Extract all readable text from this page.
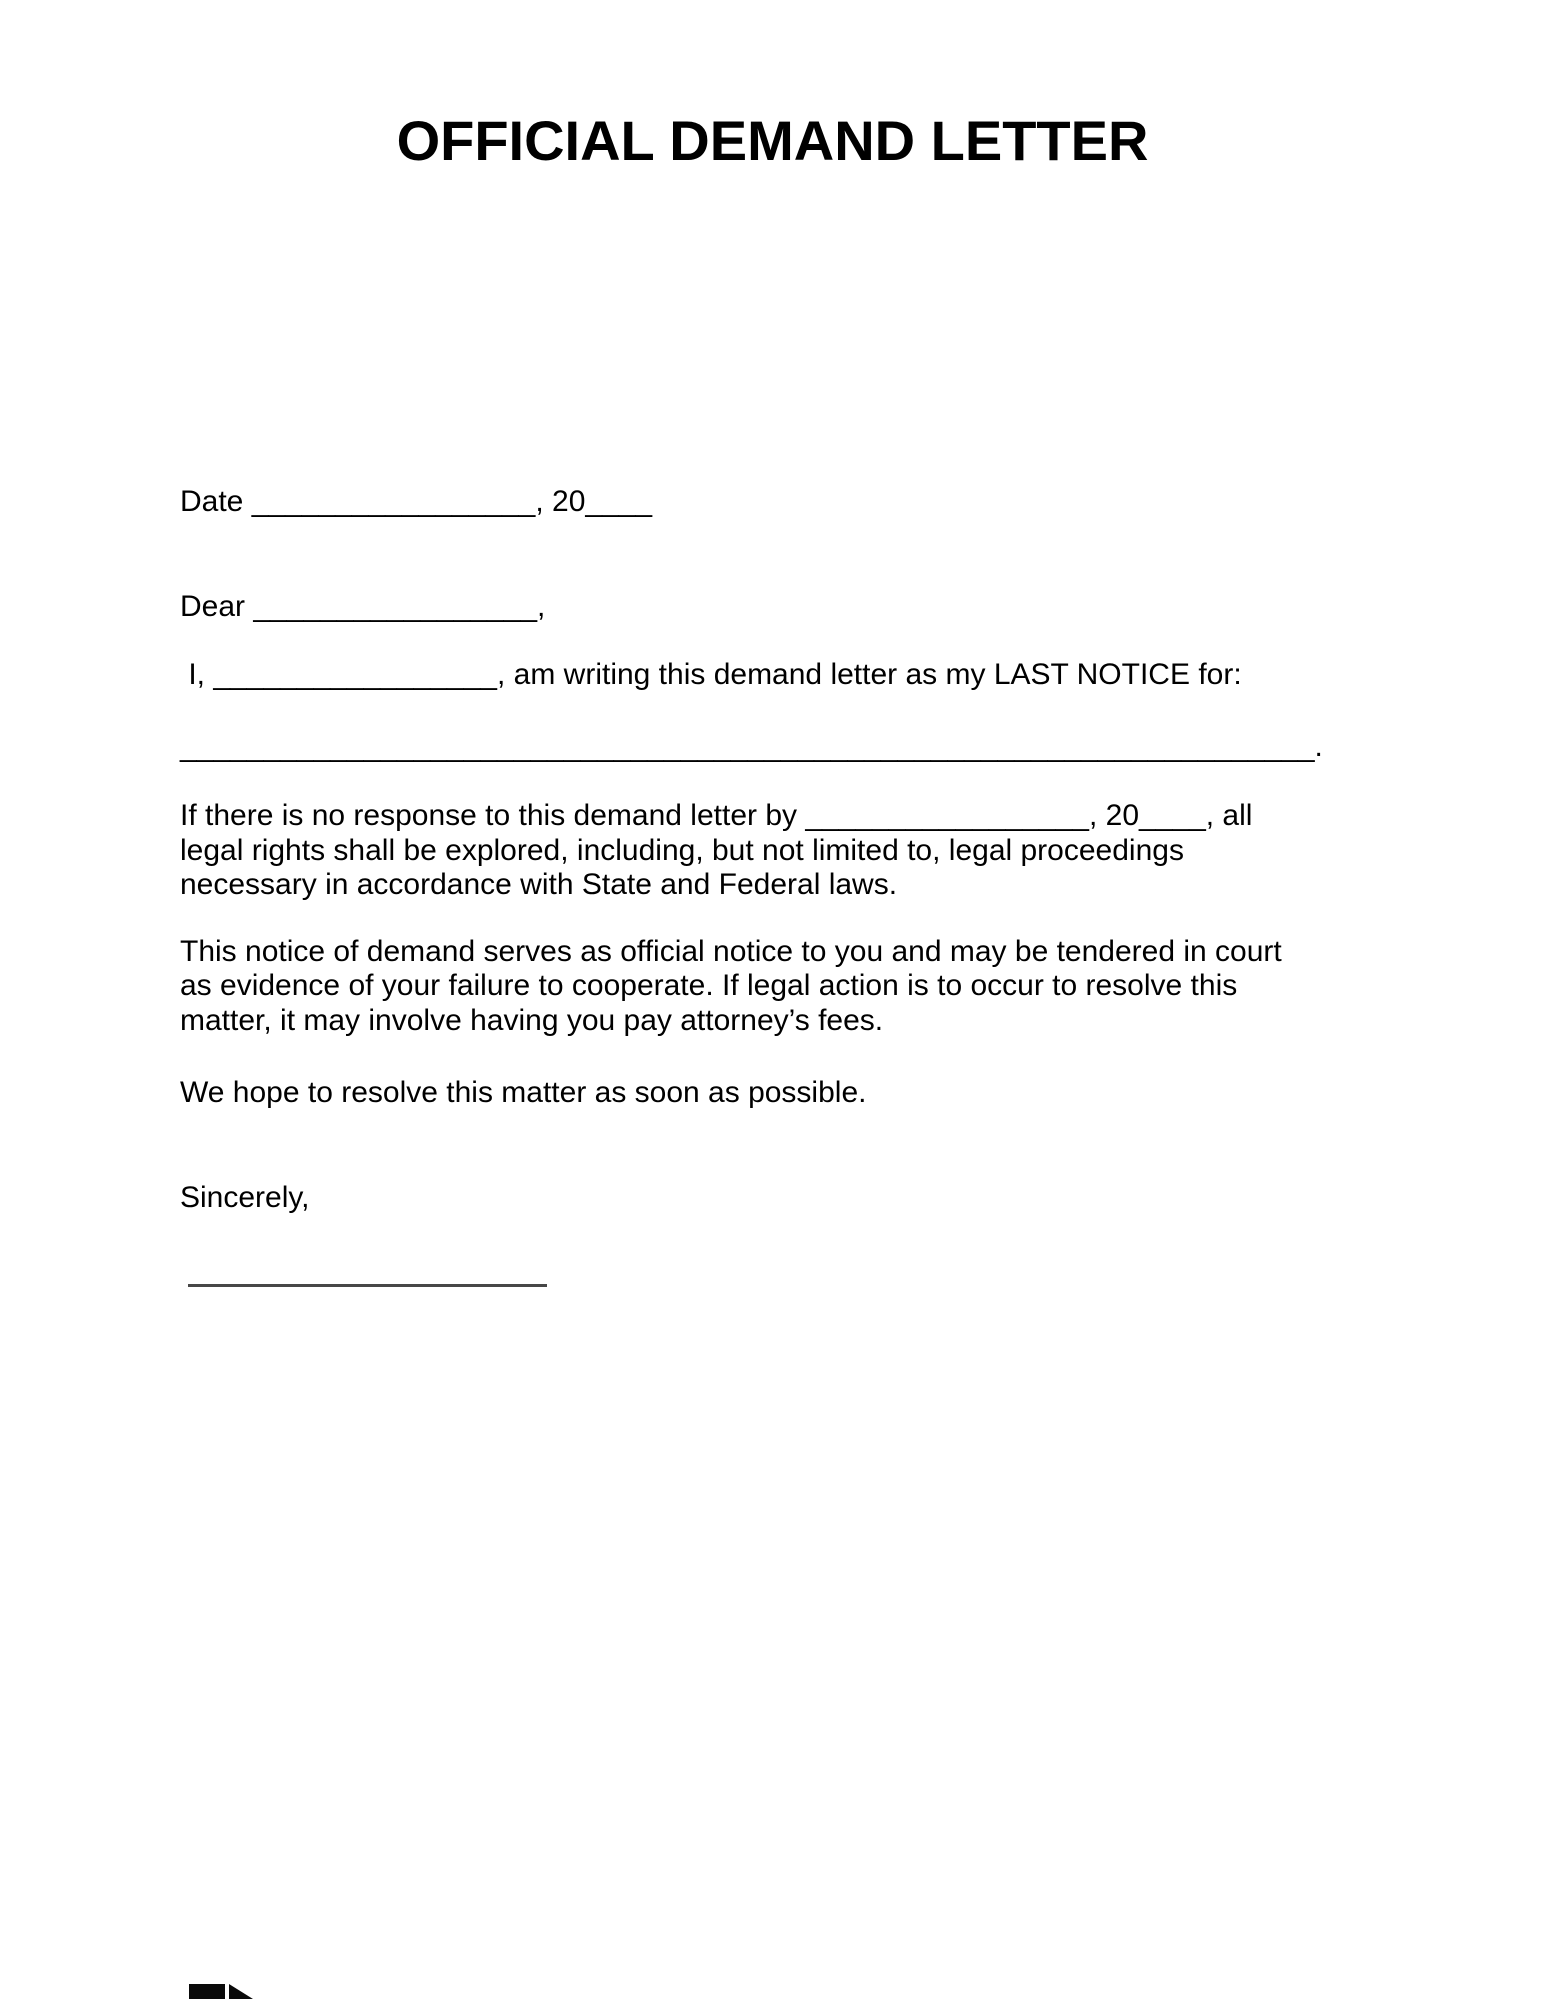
OFFICIAL DEMAND LETTER
Date _________________, 20____
Dear _________________,
I, _________________, am writing this demand letter as my LAST NOTICE for:
____________________________________________________________________.
If there is no response to this demand letter by _________________, 20____, all
legal rights shall be explored, including, but not limited to, legal proceedings
necessary in accordance with State and Federal laws.
This notice of demand serves as official notice to you and may be tendered in court
as evidence of your failure to cooperate. If legal action is to occur to resolve this
matter, it may involve having you pay attorney’s fees.
We hope to resolve this matter as soon as possible.
Sincerely,
